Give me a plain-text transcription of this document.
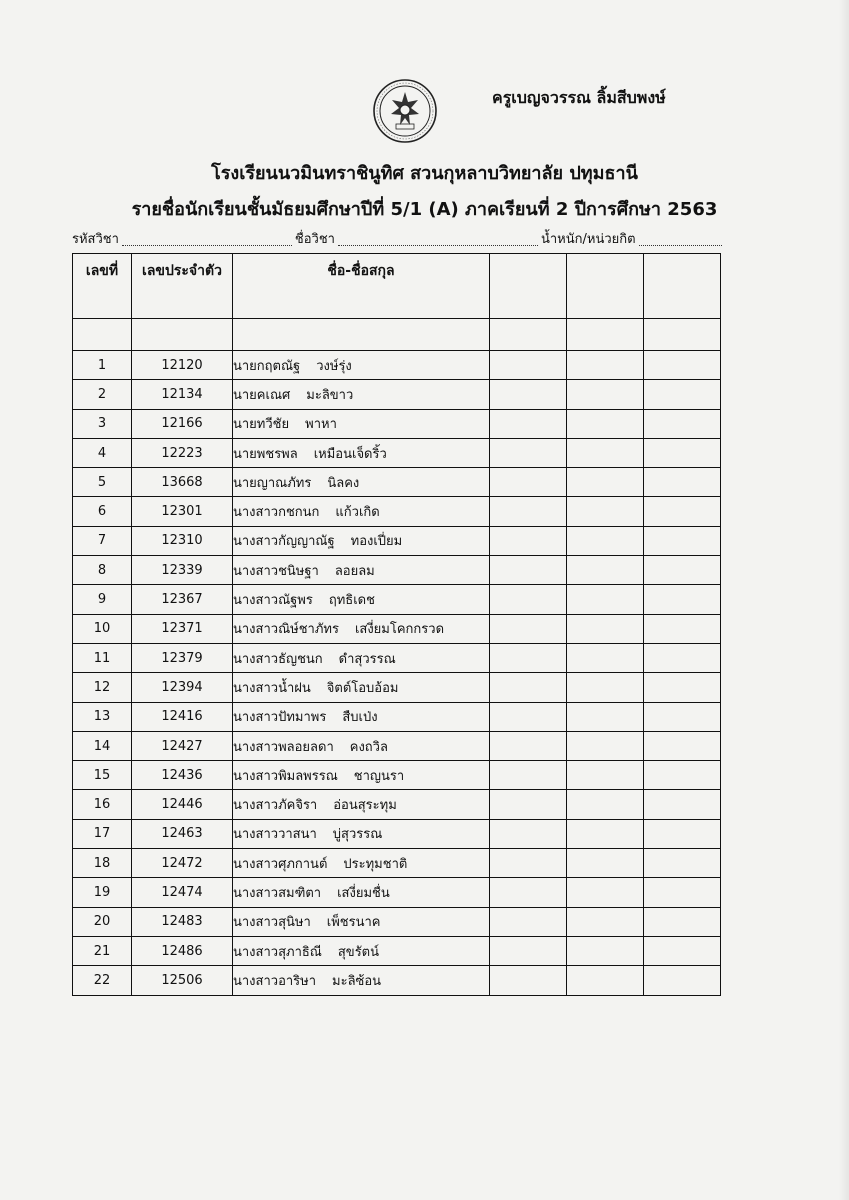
ครูเบญจวรรณ ลิ้มสีบพงษ์
โรงเรียนนวมินทราชินูทิศ สวนกุหลาบวิทยาลัย ปทุมธานี
รายชื่อนักเรียนชั้นมัธยมศึกษาปีที่ 5/1 (A) ภาคเรียนที่ 2 ปีการศึกษา 2563
รหัสวิชา	ชื่อวิชา	น้ำหนัก/หน่วยกิต
เลขที่	เลขประจำตัว	ชื่อ-ชื่อสกุล			

1	12120	นายกฤตณัฐ วงษ์รุ่ง			
2	12134	นายคเณศ มะลิขาว			
3	12166	นายทวีชัย พาหา			
4	12223	นายพชรพล เหมือนเจ็ดริ้ว			
5	13668	นายญาณภัทร นิลคง			
6	12301	นางสาวกชกนก แก้วเกิด			
7	12310	นางสาวกัญญาณัฐ ทองเปี่ยม			
8	12339	นางสาวชนิษฐา ลอยลม			
9	12367	นางสาวณัฐพร ฤทธิเดช			
10	12371	นางสาวณิษ์ชาภัทร เสงี่ยมโคกกรวด			
11	12379	นางสาวธัญชนก ดำสุวรรณ			
12	12394	นางสาวน้ำฝน จิตต์โอบอ้อม			
13	12416	นางสาวปัทมาพร สืบเป่ง			
14	12427	นางสาวพลอยลดา คงถวิล			
15	12436	นางสาวพิมลพรรณ ชาญนรา			
16	12446	นางสาวภัคจิรา อ่อนสุระทุม			
17	12463	นางสาววาสนา บู่สุวรรณ			
18	12472	นางสาวศุภกานต์ ประทุมชาติ			
19	12474	นางสาวสมฑิตา เสงี่ยมชื่น			
20	12483	นางสาวสุนิษา เพ็ชรนาค			
21	12486	นางสาวสุภาธิณี สุขรัตน์			
22	12506	นางสาวอาริษา มะลิซ้อน			
